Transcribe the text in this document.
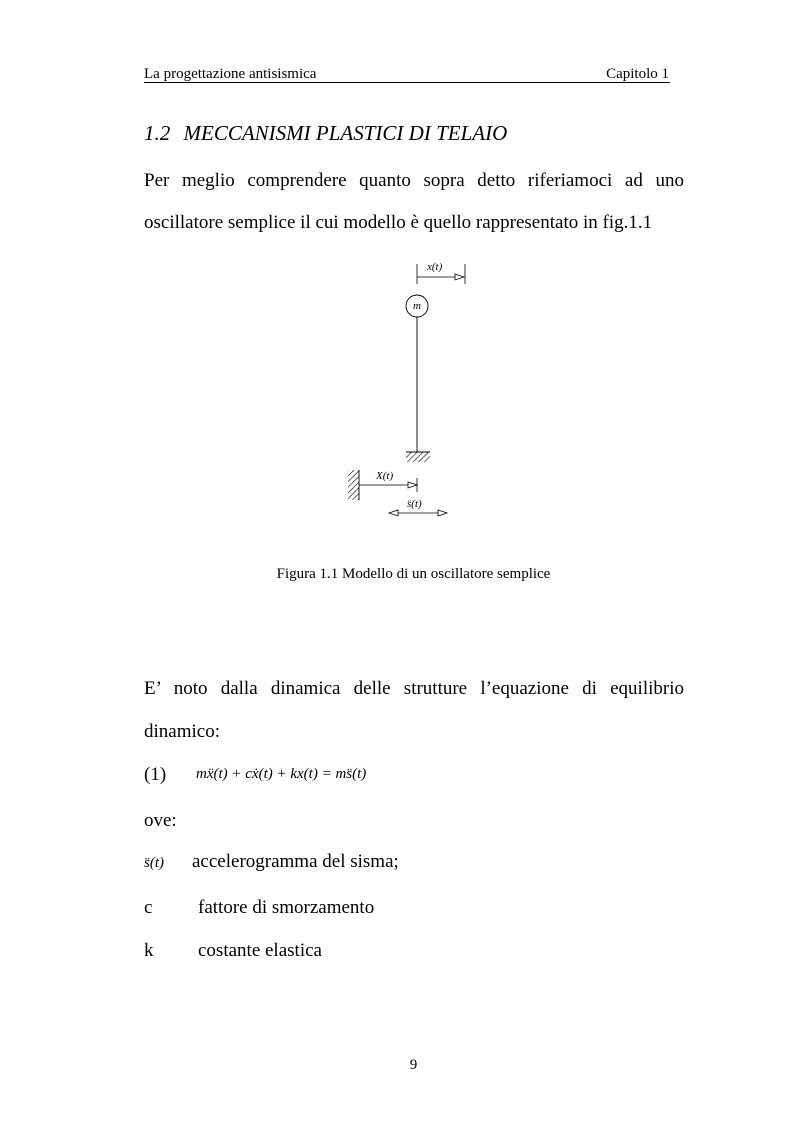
La progettazione antisismica	Capitolo 1
1.2 MECCANISMI PLASTICI DI TELAIO
Per meglio comprendere quanto sopra detto riferiamoci ad uno
oscillatore semplice il cui modello è quello rappresentato in fig.1.1
x(t)
m
X(t)
s̈(t)
Figura 1.1 Modello di un oscillatore semplice
E’ noto dalla dinamica delle strutture l’equazione di equilibrio
dinamico:
(1) mẍ(t) + cẋ(t) + kx(t) = ms̈(t)
ove:
s̈(t) accelerogramma del sisma;
c fattore di smorzamento
k costante elastica
9
